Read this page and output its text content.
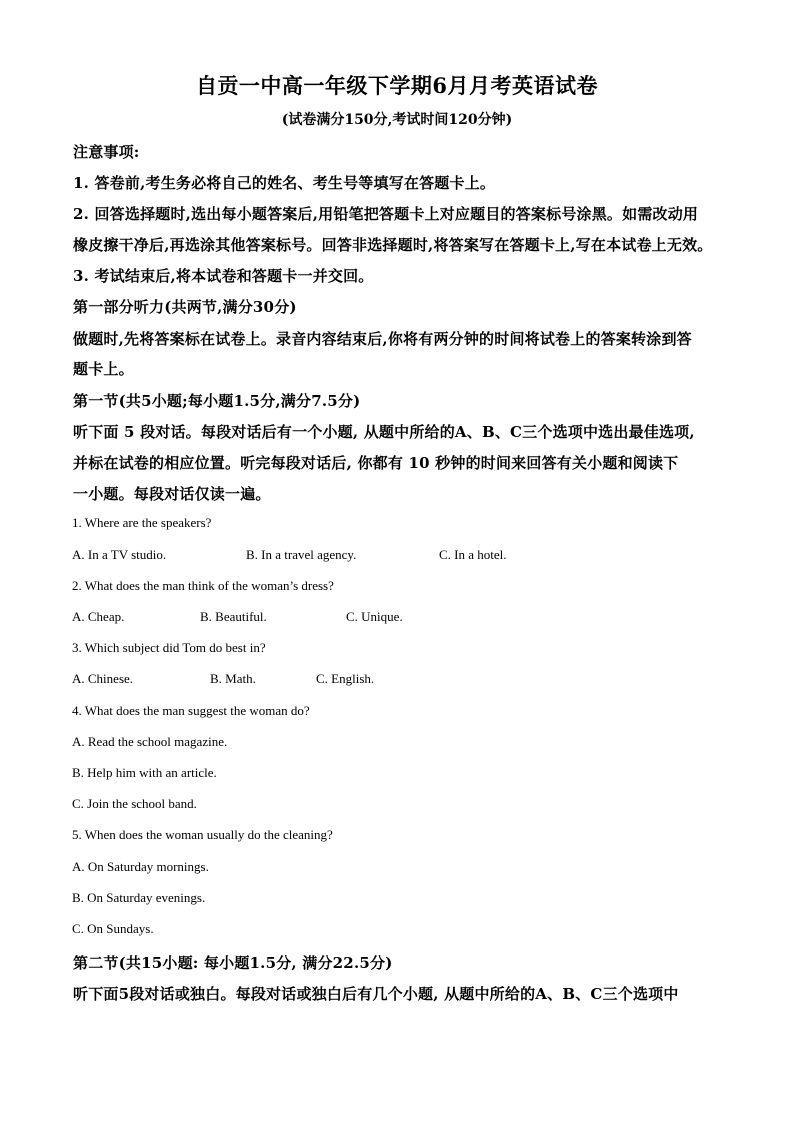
自贡一中高一年级下学期6月月考英语试卷
(试卷满分150分,考试时间120分钟)
注意事项:
1. 答卷前,考生务必将自己的姓名、考生号等填写在答题卡上。
2. 回答选择题时,选出每小题答案后,用铅笔把答题卡上对应题目的答案标号涂黑。如需改动用
橡皮擦干净后,再选涂其他答案标号。回答非选择题时,将答案写在答题卡上,写在本试卷上无效。
3. 考试结束后,将本试卷和答题卡一并交回。
第一部分听力(共两节,满分30分)
做题时,先将答案标在试卷上。录音内容结束后,你将有两分钟的时间将试卷上的答案转涂到答
题卡上。
第一节(共5小题;每小题1.5分,满分7.5分)
听下面 5 段对话。每段对话后有一个小题, 从题中所给的A、B、C三个选项中选出最佳选项,
并标在试卷的相应位置。听完每段对话后, 你都有 10 秒钟的时间来回答有关小题和阅读下
一小题。每段对话仅读一遍。
1. Where are the speakers?
A. In a TV studio.	B. In a travel agency.	C. In a hotel.
2. What does the man think of the woman’s dress?
A. Cheap.	B. Beautiful.	C. Unique.
3. Which subject did Tom do best in?
A. Chinese.	B. Math.	C. English.
4. What does the man suggest the woman do?
A. Read the school magazine.
B. Help him with an article.
C. Join the school band.
5. When does the woman usually do the cleaning?
A. On Saturday mornings.
B. On Saturday evenings.
C. On Sundays.
第二节(共15小题: 每小题1.5分, 满分22.5分)
听下面5段对话或独白。每段对话或独白后有几个小题, 从题中所给的A、B、C三个选项中
